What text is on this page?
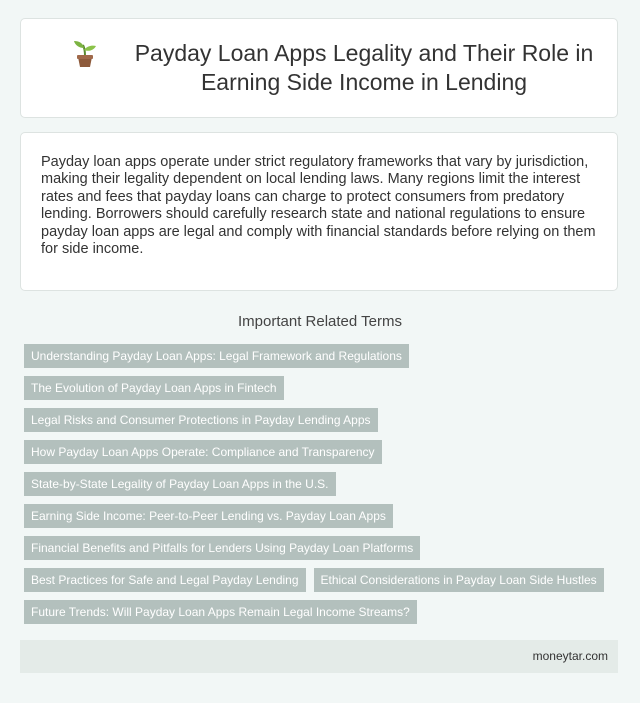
Payday Loan Apps Legality and Their Role in Earning Side Income in Lending

Payday loan apps operate under strict regulatory frameworks that vary by jurisdiction, making their legality dependent on local lending laws. Many regions limit the interest rates and fees that payday loans can charge to protect consumers from predatory lending. Borrowers should carefully research state and national regulations to ensure payday loan apps are legal and comply with financial standards before relying on them for side income.

Important Related Terms
Understanding Payday Loan Apps: Legal Framework and Regulations
The Evolution of Payday Loan Apps in Fintech
Legal Risks and Consumer Protections in Payday Lending Apps
How Payday Loan Apps Operate: Compliance and Transparency
State-by-State Legality of Payday Loan Apps in the U.S.
Earning Side Income: Peer-to-Peer Lending vs. Payday Loan Apps
Financial Benefits and Pitfalls for Lenders Using Payday Loan Platforms
Best Practices for Safe and Legal Payday Lending	Ethical Considerations in Payday Loan Side Hustles
Future Trends: Will Payday Loan Apps Remain Legal Income Streams?
moneytar.com
